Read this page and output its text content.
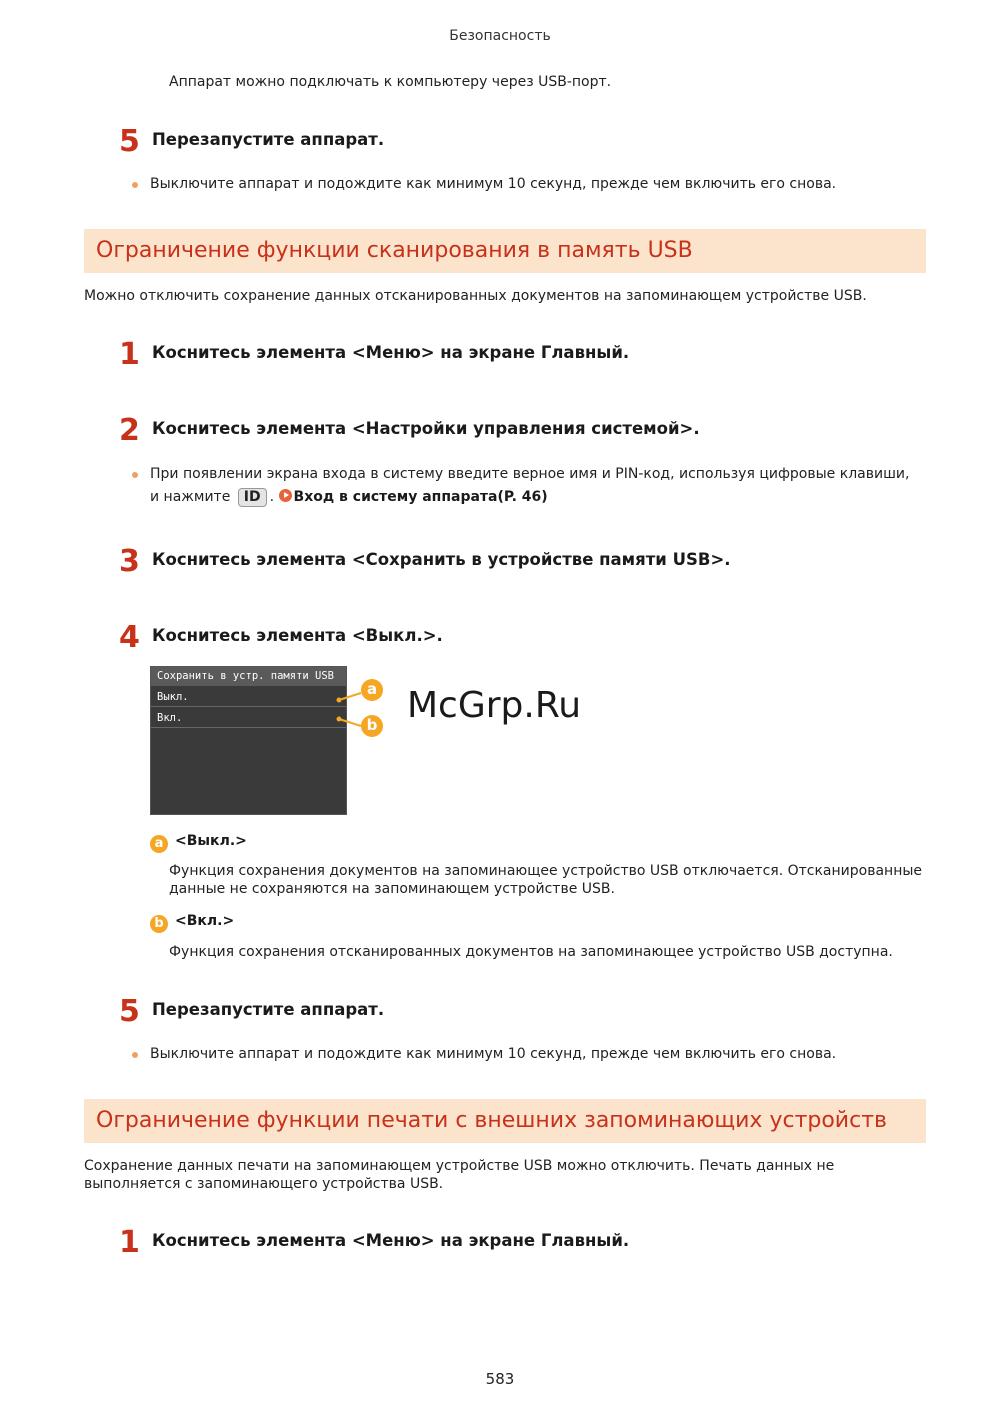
Безопасность
Аппарат можно подключать к компьютеру через USB-порт.
5 Перезапустите аппарат.
Выключите аппарат и подождите как минимум 10 секунд, прежде чем включить его снова.
Ограничение функции сканирования в память USB
Можно отключить сохранение данных отсканированных документов на запоминающем устройстве USB.
1 Коснитесь элемента <Меню> на экране Главный.
2 Коснитесь элемента <Настройки управления системой>.
При появлении экрана входа в систему введите верное имя и PIN-код, используя цифровые клавиши,
и нажмите ID . Вход в систему аппарата(P. 46)
3 Коснитесь элемента <Сохранить в устройстве памяти USB>.
4 Коснитесь элемента <Выкл.>.
Сохранить в устр. памяти USB
Выкл.
Вкл.
a
b McGrp.Ru
a <Выкл.>
Функция сохранения документов на запоминающее устройство USB отключается. Отсканированные
данные не сохраняются на запоминающем устройстве USB.
b <Вкл.>
Функция сохранения отсканированных документов на запоминающее устройство USB доступна.
5 Перезапустите аппарат.
Выключите аппарат и подождите как минимум 10 секунд, прежде чем включить его снова.
Ограничение функции печати с внешних запоминающих устройств
Сохранение данных печати на запоминающем устройстве USB можно отключить. Печать данных не
выполняется с запоминающего устройства USB.
1 Коснитесь элемента <Меню> на экране Главный.
583
